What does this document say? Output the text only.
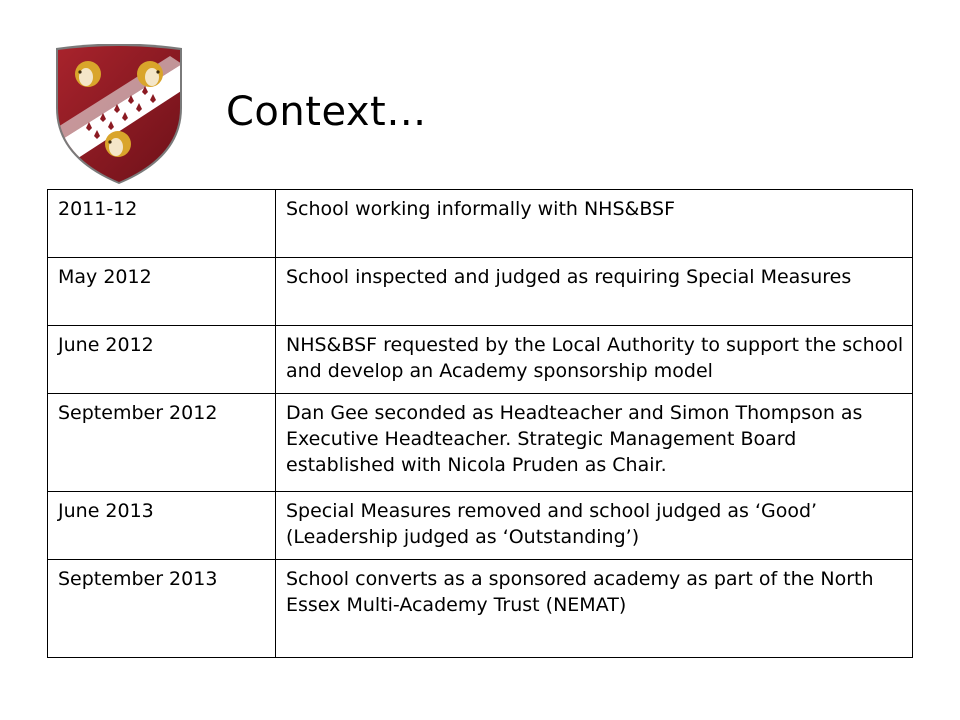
Context…
2011-12	School working informally with NHS&BSF
May 2012	School inspected and judged as requiring Special Measures
June 2012	NHS&BSF requested by the Local Authority to support the school and develop an Academy sponsorship model
September 2012	Dan Gee seconded as Headteacher and Simon Thompson as Executive Headteacher. Strategic Management Board established with Nicola Pruden as Chair.
June 2013	Special Measures removed and school judged as ‘Good’ (Leadership judged as ‘Outstanding’)
September 2013	School converts as a sponsored academy as part of the North Essex Multi-Academy Trust (NEMAT)
